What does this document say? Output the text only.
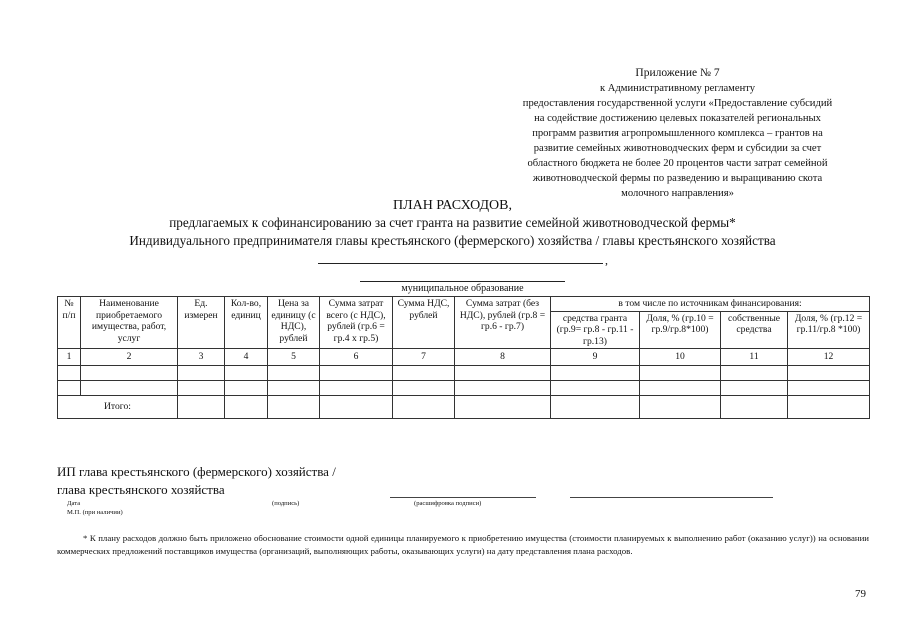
Приложение № 7
к Административному регламенту
предоставления государственной услуги «Предоставление субсидий
на содействие достижению целевых показателей региональных
программ развития агропромышленного комплекса – грантов на
развитие семейных животноводческих ферм и субсидии за счет
областного бюджета не более 20 процентов части затрат семейной
животноводческой фермы по разведению и выращиванию скота
молочного направления»
ПЛАН РАСХОДОВ,
предлагаемых к софинансированию за счет гранта на развитие семейной животноводческой фермы*
Индивидуального предпринимателя главы крестьянского (фермерского) хозяйства / главы крестьянского хозяйства
,
муниципальное образование
№ п/п	Наименование приобретаемого имущества, работ, услуг	Ед. измерен	Кол-во, единиц	Цена за единицу (с НДС), рублей	Сумма затрат всего (с НДС), рублей (гр.6 = гр.4 x гр.5)	Сумма НДС, рублей	Сумма затрат (без НДС), рублей (гр.8 = гр.6 - гр.7)	в том числе по источникам финансирования:			
								средства гранта (гр.9= гр.8 - гр.11 - гр.13)	Доля, % (гр.10 = гр.9/гр.8*100)	собственные средства	Доля, % (гр.12 = гр.11/гр.8 *100)
1	2	3	4	5	6	7	8	9	10	11	12

Итого:											
ИП глава крестьянского (фермерского) хозяйства /
глава крестьянского хозяйства
Дата	(подпись)	(расшифровка подписи)
М.П. (при наличии)
* К плану расходов должно быть приложено обоснование стоимости одной единицы планируемого к приобретению имущества (стоимости планируемых к выполнению работ (оказанию услуг)) на основании коммерческих предложений поставщиков имущества (организаций, выполняющих работы, оказывающих услуги) на дату представления плана расходов.
79
